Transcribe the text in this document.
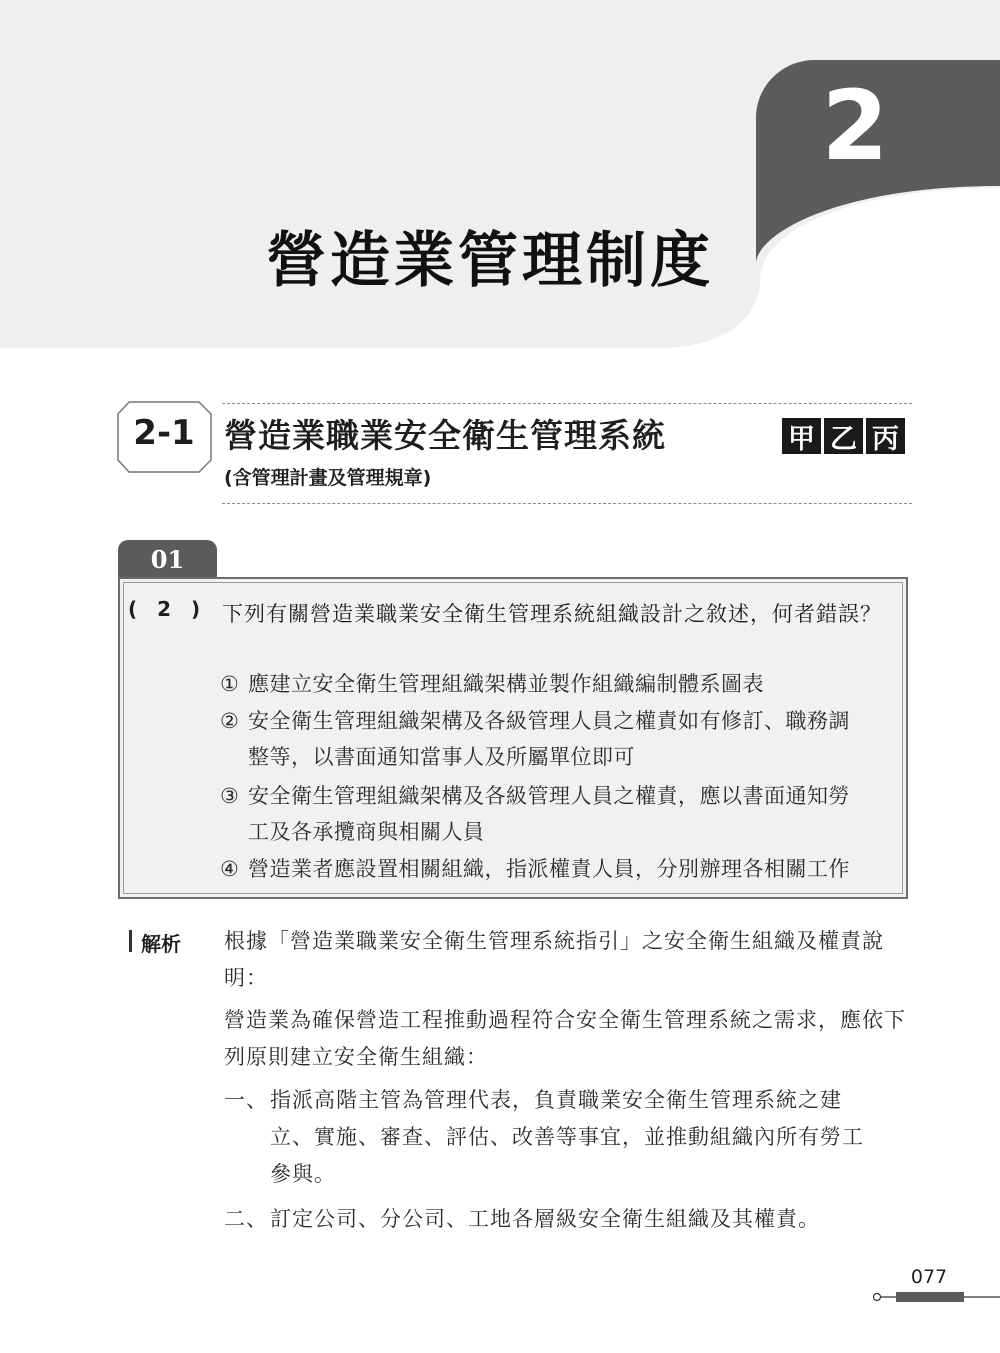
2
營造業管理制度
2-1 營造業職業安全衛生管理系統
(含管理計畫及管理規章)
甲 乙 丙
01
(　2　)	下列有關營造業職業安全衛生管理系統組織設計之敘述，何者錯誤？
① 應建立安全衛生管理組織架構並製作組織編制體系圖表
② 安全衛生管理組織架構及各級管理人員之權責如有修訂、職務調
整等，以書面通知當事人及所屬單位即可
③ 安全衛生管理組織架構及各級管理人員之權責，應以書面通知勞
工及各承攬商與相關人員
④ 營造業者應設置相關組織，指派權責人員，分別辦理各相關工作
解析 根據「營造業職業安全衛生管理系統指引」之安全衛生組織及權責說明：
營造業為確保營造工程推動過程符合安全衛生管理系統之需求，應依下列原則建立安全衛生組織：
一、指派高階主管為管理代表，負責職業安全衛生管理系統之建
立、實施、審查、評估、改善等事宜，並推動組織內所有勞工
參與。
二、訂定公司、分公司、工地各層級安全衛生組織及其權責。
077
